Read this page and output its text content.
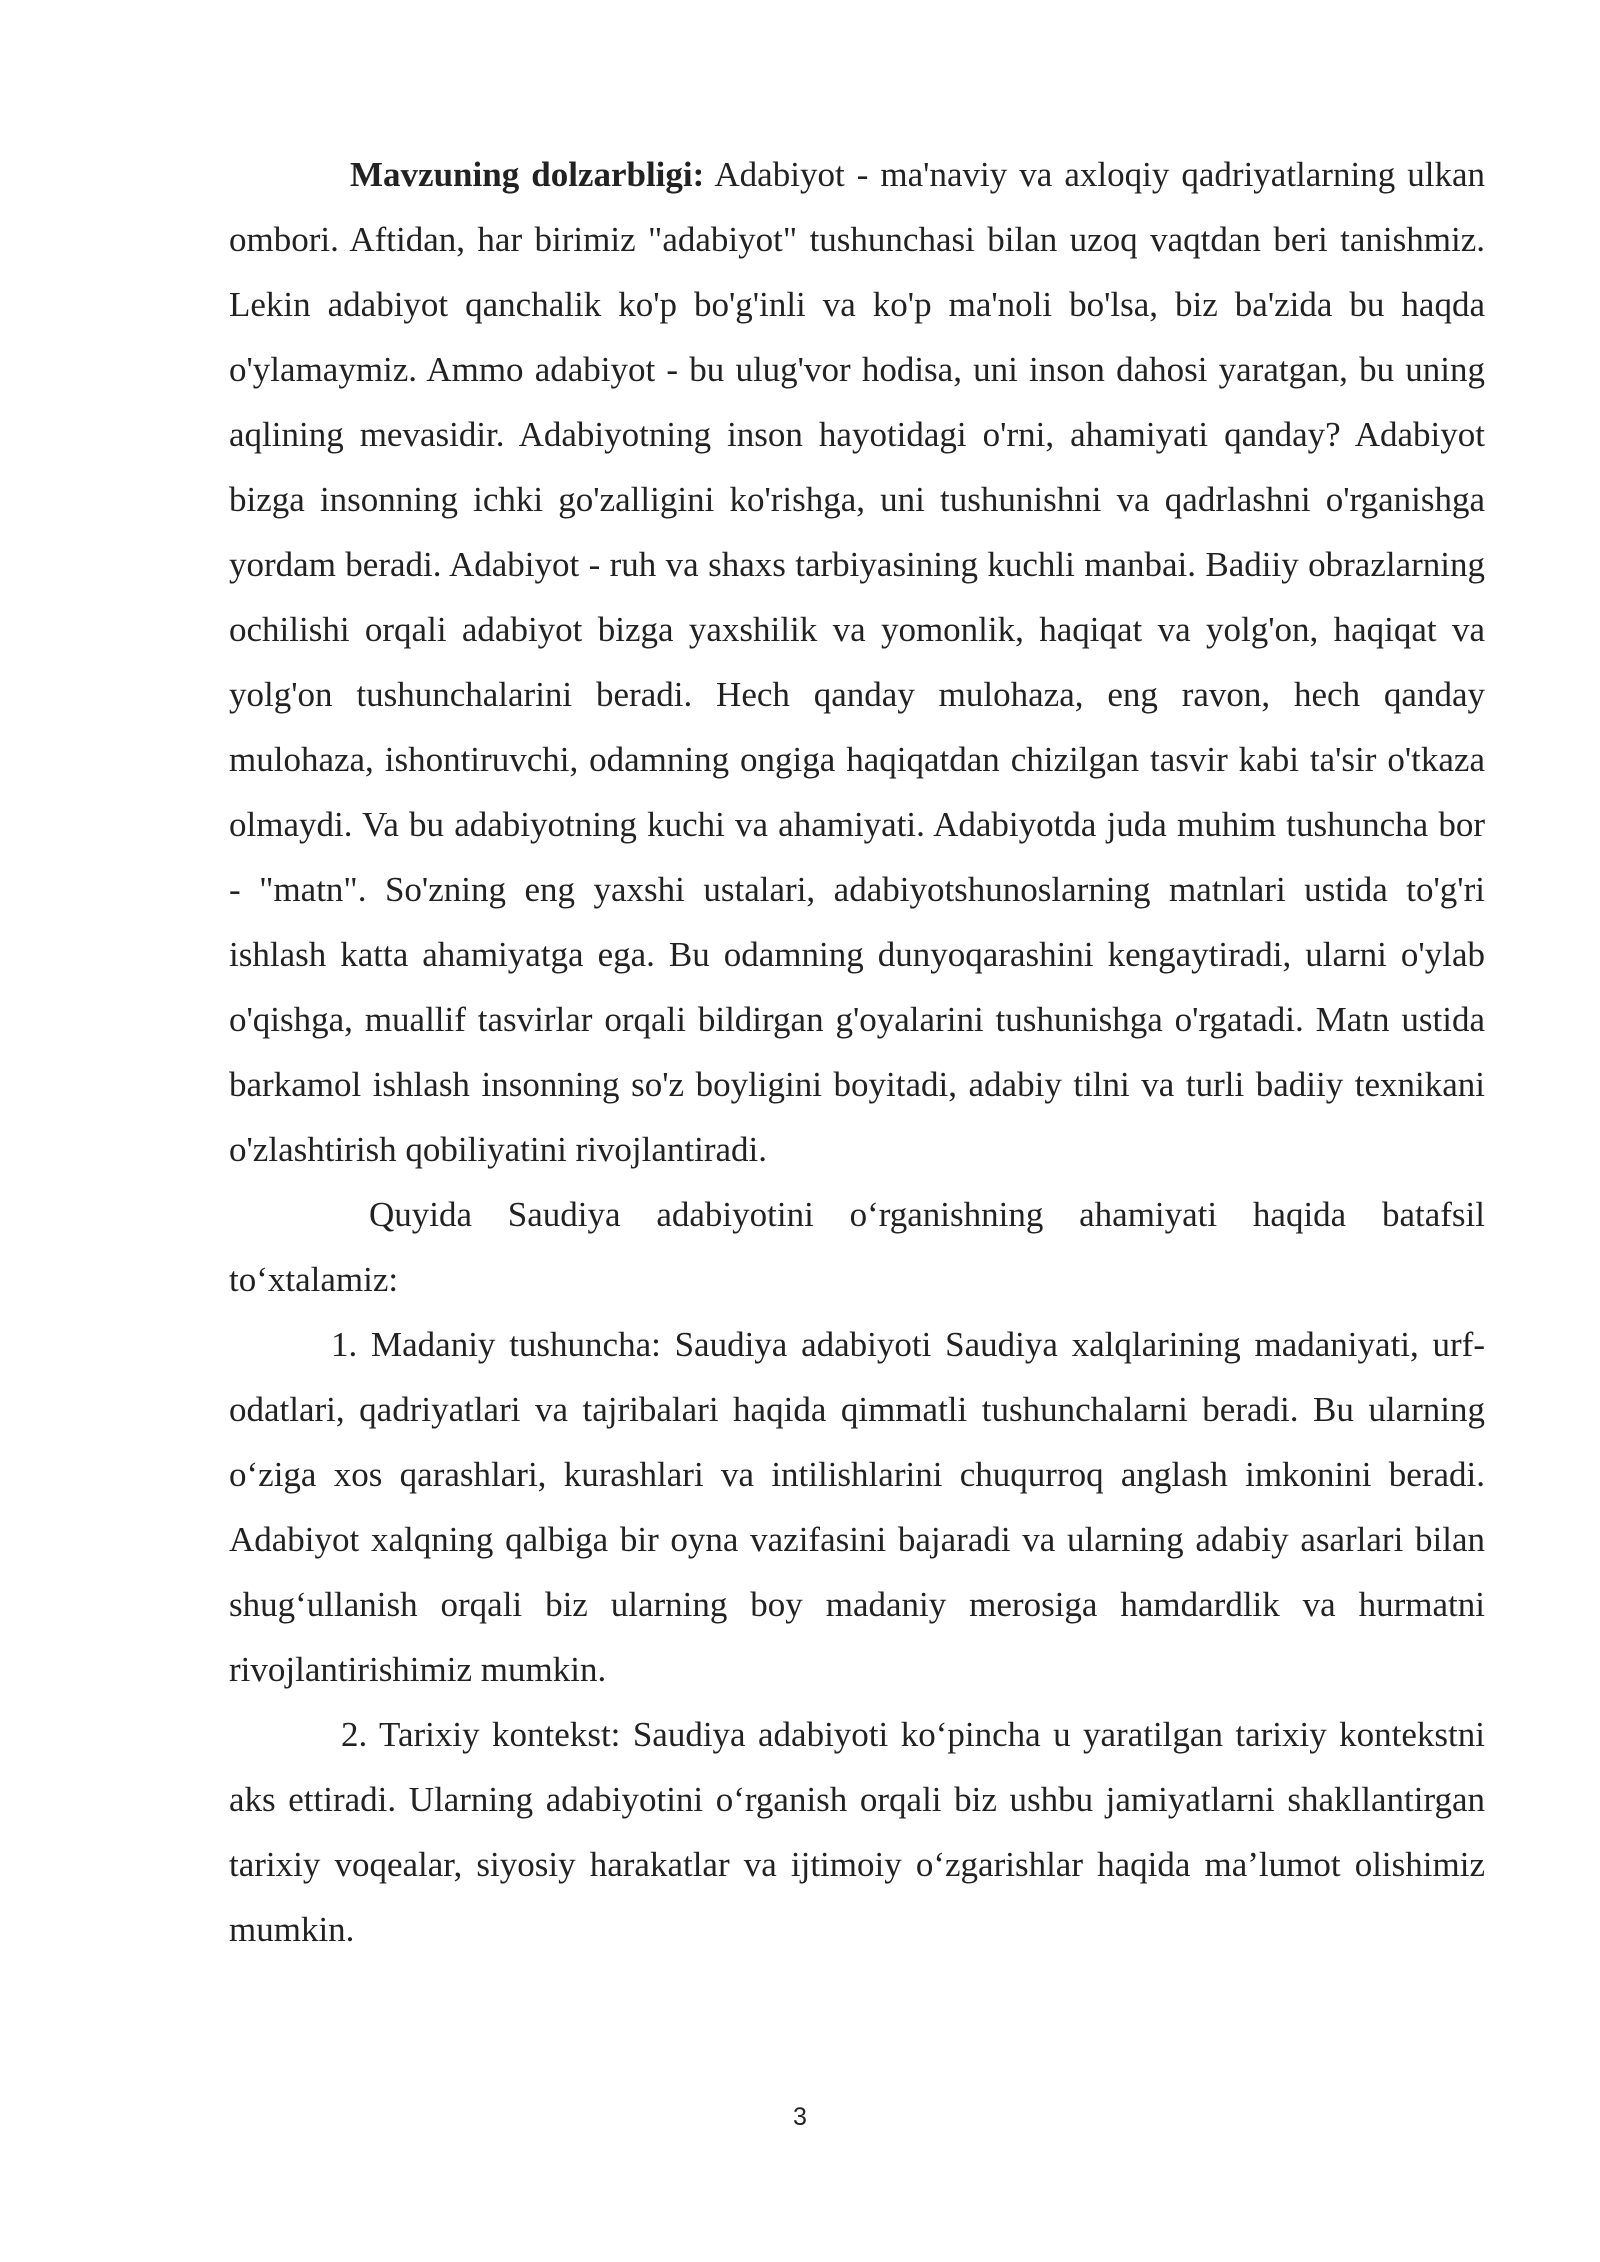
Mavzuning dolzarbligi: Adabiyot - ma'naviy va axloqiy qadriyatlarning ulkan ombori. Aftidan, har birimiz "adabiyot" tushunchasi bilan uzoq vaqtdan beri tanishmiz. Lekin adabiyot qanchalik ko'p bo'g'inli va ko'p ma'noli bo'lsa, biz ba'zida bu haqda o'ylamaymiz. Ammo adabiyot - bu ulug'vor hodisa, uni inson dahosi yaratgan, bu uning aqlining mevasidir. Adabiyotning inson hayotidagi o'rni, ahamiyati qanday? Adabiyot bizga insonning ichki go'zalligini ko'rishga, uni tushunishni va qadrlashni o'rganishga yordam beradi. Adabiyot - ruh va shaxs tarbiyasining kuchli manbai. Badiiy obrazlarning ochilishi orqali adabiyot bizga yaxshilik va yomonlik, haqiqat va yolg'on, haqiqat va yolg'on tushunchalarini beradi. Hech qanday mulohaza, eng ravon, hech qanday mulohaza, ishontiruvchi, odamning ongiga haqiqatdan chizilgan tasvir kabi ta'sir o'tkaza olmaydi. Va bu adabiyotning kuchi va ahamiyati. Adabiyotda juda muhim tushuncha bor - "matn". So'zning eng yaxshi ustalari, adabiyotshunoslarning matnlari ustida to'g'ri ishlash katta ahamiyatga ega. Bu odamning dunyoqarashini kengaytiradi, ularni o'ylab o'qishga, muallif tasvirlar orqali bildirgan g'oyalarini tushunishga o'rgatadi. Matn ustida barkamol ishlash insonning so'z boyligini boyitadi, adabiy tilni va turli badiiy texnikani o'zlashtirish qobiliyatini rivojlantiradi.

Quyida Saudiya adabiyotini o‘rganishning ahamiyati haqida batafsil to‘xtalamiz:

1. Madaniy tushuncha: Saudiya adabiyoti Saudiya xalqlarining madaniyati, urf-odatlari, qadriyatlari va tajribalari haqida qimmatli tushunchalarni beradi. Bu ularning o‘ziga xos qarashlari, kurashlari va intilishlarini chuqurroq anglash imkonini beradi. Adabiyot xalqning qalbiga bir oyna vazifasini bajaradi va ularning adabiy asarlari bilan shug‘ullanish orqali biz ularning boy madaniy merosiga hamdardlik va hurmatni rivojlantirishimiz mumkin.

2. Tarixiy kontekst: Saudiya adabiyoti ko‘pincha u yaratilgan tarixiy kontekstni aks ettiradi. Ularning adabiyotini o‘rganish orqali biz ushbu jamiyatlarni shakllantirgan tarixiy voqealar, siyosiy harakatlar va ijtimoiy o‘zgarishlar haqida ma’lumot olishimiz mumkin.

3
